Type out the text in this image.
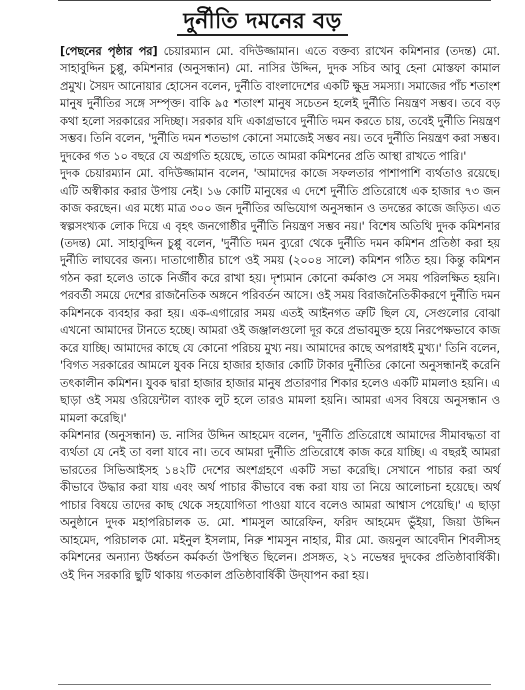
দুর্নীতি দমনের বড়

[পেছনের পৃষ্ঠার পর] চেয়ারম্যান মো. বদিউজ্জামান। এতে বক্তব্য রাখেন কমিশনার (তদন্ত) মো. সাহাবুদ্দিন চুপ্পু, কমিশনার (অনুসন্ধান) মো. নাসির উদ্দিন, দুদক সচিব আবু হেনা মোস্তফা কামাল প্রমুখ। সৈয়দ আনোয়ার হোসেন বলেন, দুর্নীতি বাংলাদেশের একটি ক্ষুদ্র সমস্যা। সমাজের পাঁচ শতাংশ মানুষ দুর্নীতির সঙ্গে সম্পৃক্ত। বাকি ৯৫ শতাংশ মানুষ সচেতন হলেই দুর্নীতি নিয়ন্ত্রণ সম্ভব। তবে বড় কথা হলো সরকারের সদিচ্ছা। সরকার যদি একাগ্রভাবে দুর্নীতি দমন করতে চায়, তবেই দুর্নীতি নিয়ন্ত্রণ সম্ভব। তিনি বলেন, 'দুর্নীতি দমন শতভাগ কোনো সমাজেই সম্ভব নয়। তবে দুর্নীতি নিয়ন্ত্রণ করা সম্ভব। দুদকের গত ১০ বছরে যে অগ্রগতি হয়েছে, তাতে আমরা কমিশনের প্রতি আস্থা রাখতে পারি।'

দুদক চেয়ারম্যান মো. বদিউজ্জামান বলেন, 'আমাদের কাজে সফলতার পাশাপাশি ব্যর্থতাও রয়েছে। এটি অস্বীকার করার উপায় নেই। ১৬ কোটি মানুষের এ দেশে দুর্নীতি প্রতিরোধে এক হাজার ৭৩ জন কাজ করছেন। এর মধ্যে মাত্র ৩০০ জন দুর্নীতির অভিযোগ অনুসন্ধান ও তদন্তের কাজে জড়িত। এত স্বল্পসংখ্যক লোক দিয়ে এ বৃহৎ জনগোষ্ঠীর দুর্নীতি নিয়ন্ত্রণ সম্ভব নয়।' বিশেষ অতিথি দুদক কমিশনার (তদন্ত) মো. সাহাবুদ্দিন চুপ্পু বলেন, 'দুর্নীতি দমন ব্যুরো থেকে দুর্নীতি দমন কমিশন প্রতিষ্ঠা করা হয় দুর্নীতি লাঘবের জন্য। দাতাগোষ্ঠীর চাপে ওই সময় (২০০৪ সালে) কমিশন গঠিত হয়। কিন্তু কমিশন গঠন করা হলেও তাকে নির্জীব করে রাখা হয়। দৃশ্যমান কোনো কর্মকাণ্ড সে সময় পরিলক্ষিত হয়নি। পরবর্তী সময়ে দেশের রাজনৈতিক অঙ্গনে পরিবর্তন আসে। ওই সময় বিরাজনৈতিকীকরণে দুর্নীতি দমন কমিশনকে ব্যবহার করা হয়। এক-এগারোর সময় এতই আইনগত ত্রুটি ছিল যে, সেগুলোর বোঝা এখনো আমাদের টানতে হচ্ছে। আমরা ওই জঞ্জালগুলো দূর করে প্রভাবমুক্ত হয়ে নিরপেক্ষভাবে কাজ করে যাচ্ছি। আমাদের কাছে যে কোনো পরিচয় মুখ্য নয়। আমাদের কাছে অপরাধই মুখ্য।' তিনি বলেন, 'বিগত সরকারের আমলে যুবক নিয়ে হাজার হাজার কোটি টাকার দুর্নীতির কোনো অনুসন্ধানই করেনি তৎকালীন কমিশন। যুবক দ্বারা হাজার হাজার মানুষ প্রতারণার শিকার হলেও একটি মামলাও হয়নি। এ ছাড়া ওই সময় ওরিয়েন্টাল ব্যাংক লুট হলে তারও মামলা হয়নি। আমরা এসব বিষয়ে অনুসন্ধান ও মামলা করেছি।'

কমিশনার (অনুসন্ধান) ড. নাসির উদ্দিন আহমেদ বলেন, 'দুর্নীতি প্রতিরোধে আমাদের সীমাবদ্ধতা বা ব্যর্থতা যে নেই তা বলা যাবে না। তবে আমরা দুর্নীতি প্রতিরোধে কাজ করে যাচ্ছি। এ বছরই আমরা ভারতের সিভিআইসহ ১৪২টি দেশের অংশগ্রহণে একটি সভা করেছি। সেখানে পাচার করা অর্থ কীভাবে উদ্ধার করা যায় এবং অর্থ পাচার কীভাবে বন্ধ করা যায় তা নিয়ে আলোচনা হয়েছে। অর্থ পাচার বিষয়ে তাদের কাছ থেকে সহযোগিতা পাওয়া যাবে বলেও আমরা আশ্বাস পেয়েছি।' এ ছাড়া অনুষ্ঠানে দুদক মহাপরিচালক ড. মো. শামসুল আরেফিন, ফরিদ আহমেদ ভুঁইয়া, জিয়া উদ্দিন আহমেদ, পরিচালক মো. মইনুল ইসলাম, নিরু শামসুন নাহার, মীর মো. জয়নুল আবেদীন শিবলীসহ কমিশনের অন্যান্য উর্ধ্বতন কর্মকর্তা উপস্থিত ছিলেন। প্রসঙ্গত, ২১ নভেম্বর দুদকের প্রতিষ্ঠাবার্ষিকী। ওই দিন সরকারি ছুটি থাকায় গতকাল প্রতিষ্ঠাবার্ষিকী উদ্‌যাপন করা হয়।
